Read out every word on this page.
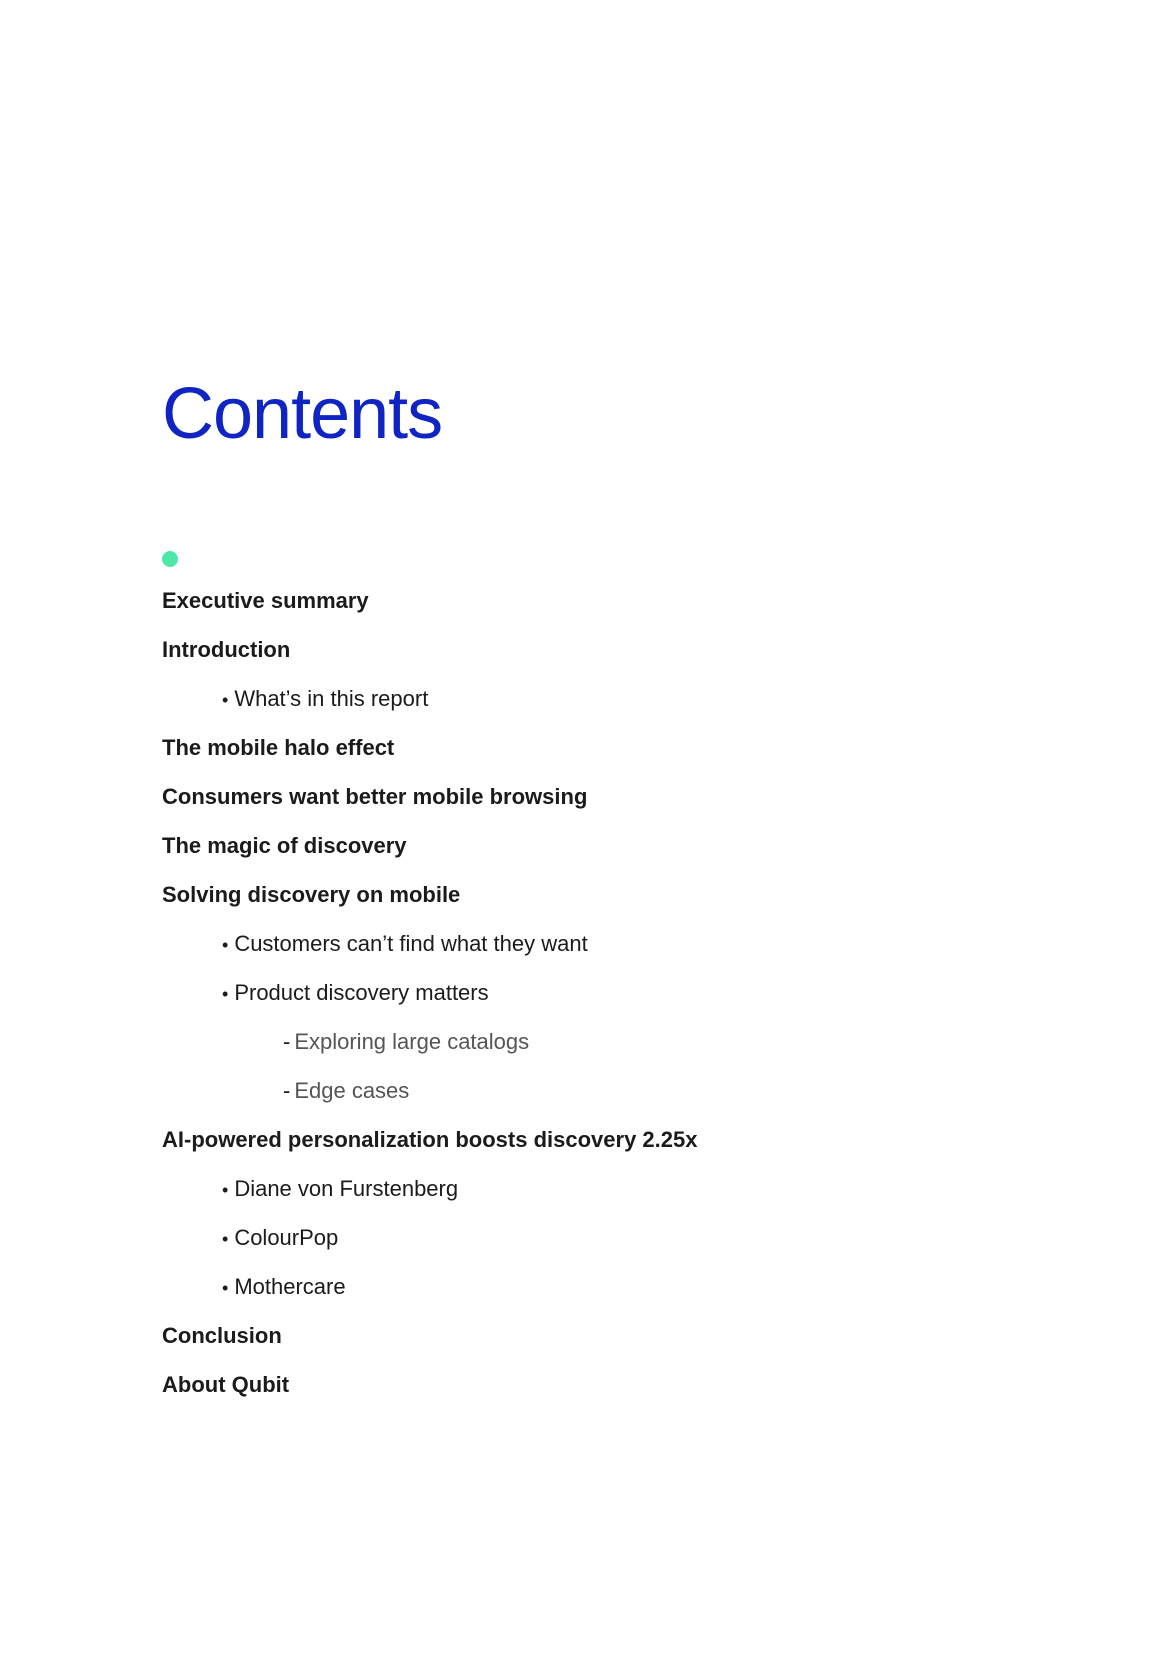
Contents
Executive summary
Introduction
• What’s in this report
The mobile halo effect
Consumers want better mobile browsing
The magic of discovery
Solving discovery on mobile
• Customers can’t find what they want
• Product discovery matters
- Exploring large catalogs
- Edge cases
AI-powered personalization boosts discovery 2.25x
• Diane von Furstenberg
• ColourPop
• Mothercare
Conclusion
About Qubit
